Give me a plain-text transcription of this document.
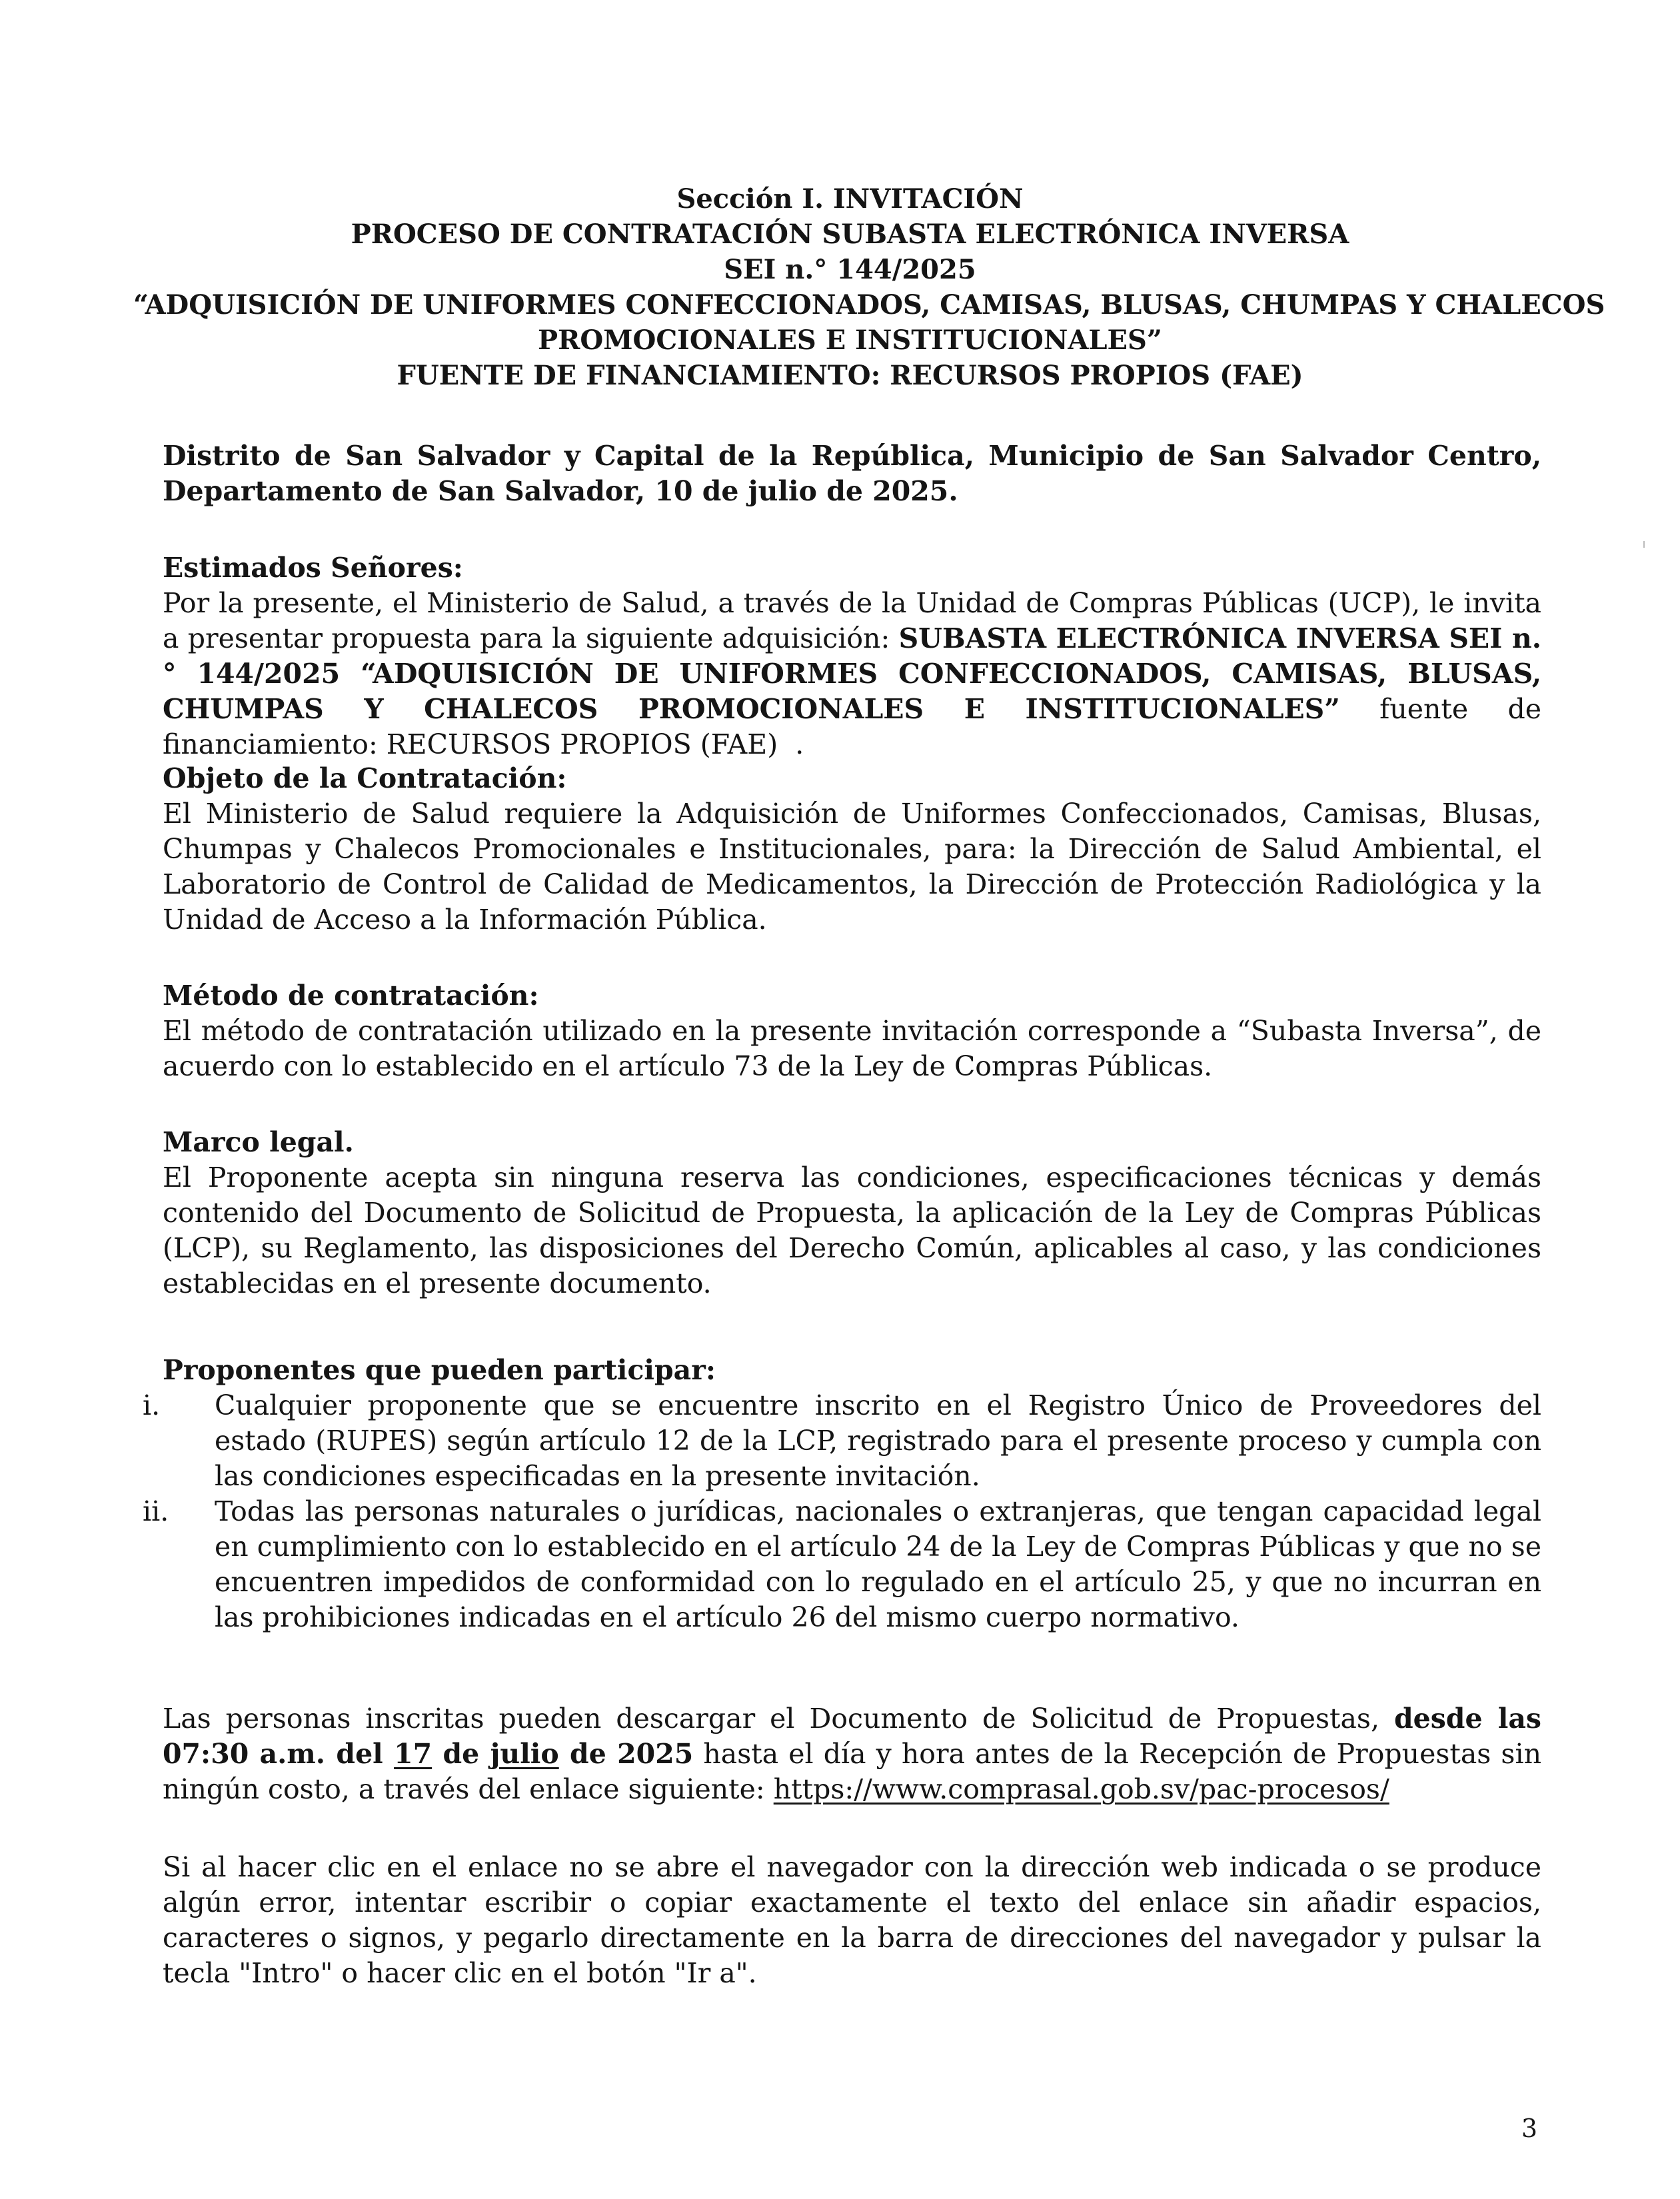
Sección I. INVITACIÓN
PROCESO DE CONTRATACIÓN SUBASTA ELECTRÓNICA INVERSA
SEI n.° 144/2025
“ADQUISICIÓN DE UNIFORMES CONFECCIONADOS, CAMISAS, BLUSAS, CHUMPAS Y CHALECOS
PROMOCIONALES E INSTITUCIONALES”
FUENTE DE FINANCIAMIENTO: RECURSOS PROPIOS (FAE)

Distrito de San Salvador y Capital de la República, Municipio de San Salvador Centro, Departamento de San Salvador, 10 de julio de 2025.

Estimados Señores:
Por la presente, el Ministerio de Salud, a través de la Unidad de Compras Públicas (UCP), le invita a presentar propuesta para la siguiente adquisición: SUBASTA ELECTRÓNICA INVERSA SEI n.° 144/2025 “ADQUISICIÓN DE UNIFORMES CONFECCIONADOS, CAMISAS, BLUSAS, CHUMPAS Y CHALECOS PROMOCIONALES E INSTITUCIONALES” fuente de financiamiento: RECURSOS PROPIOS (FAE) .
Objeto de la Contratación:
El Ministerio de Salud requiere la Adquisición de Uniformes Confeccionados, Camisas, Blusas, Chumpas y Chalecos Promocionales e Institucionales, para: la Dirección de Salud Ambiental, el Laboratorio de Control de Calidad de Medicamentos, la Dirección de Protección Radiológica y la Unidad de Acceso a la Información Pública.
Método de contratación:
El método de contratación utilizado en la presente invitación corresponde a “Subasta Inversa”, de acuerdo con lo establecido en el artículo 73 de la Ley de Compras Públicas.
Marco legal.
El Proponente acepta sin ninguna reserva las condiciones, especificaciones técnicas y demás contenido del Documento de Solicitud de Propuesta, la aplicación de la Ley de Compras Públicas (LCP), su Reglamento, las disposiciones del Derecho Común, aplicables al caso, y las condiciones establecidas en el presente documento.

Proponentes que pueden participar:

i.	Cualquier proponente que se encuentre inscrito en el Registro Único de Proveedores del estado (RUPES) según artículo 12 de la LCP, registrado para el presente proceso y cumpla con las condiciones especificadas en la presente invitación.
ii.	Todas las personas naturales o jurídicas, nacionales o extranjeras, que tengan capacidad legal en cumplimiento con lo establecido en el artículo 24 de la Ley de Compras Públicas y que no se encuentren impedidos de conformidad con lo regulado en el artículo 25, y que no incurran en las prohibiciones indicadas en el artículo 26 del mismo cuerpo normativo.
Las personas inscritas pueden descargar el Documento de Solicitud de Propuestas, desde las 07:30 a.m. del 17 de julio de 2025 hasta el día y hora antes de la Recepción de Propuestas sin ningún costo, a través del enlace siguiente: https://www.comprasal.gob.sv/pac-procesos/

Si al hacer clic en el enlace no se abre el navegador con la dirección web indicada o se produce algún error, intentar escribir o copiar exactamente el texto del enlace sin añadir espacios, caracteres o signos, y pegarlo directamente en la barra de direcciones del navegador y pulsar la tecla "Intro" o hacer clic en el botón "Ir a".

3
